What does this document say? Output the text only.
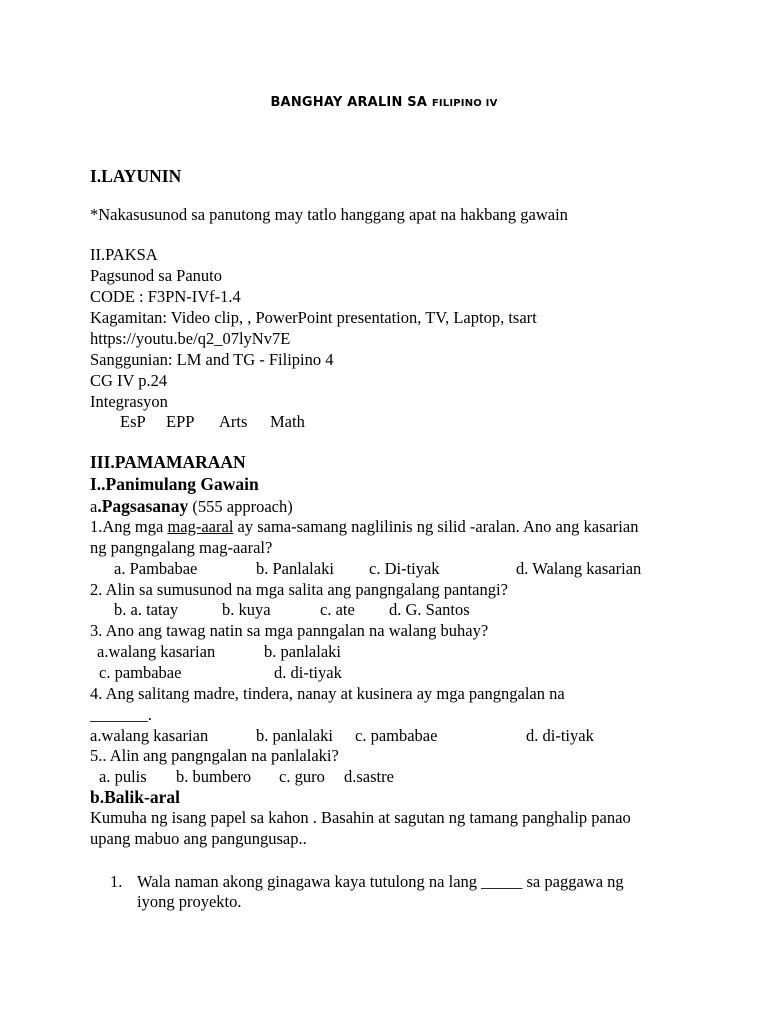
BANGHAY ARALIN SA FILIPINO IV
I.LAYUNIN
*Nakasusunod sa panutong may tatlo hanggang apat na hakbang gawain
II.PAKSA
Pagsunod sa Panuto
CODE : F3PN-IVf-1.4
Kagamitan: Video clip, , PowerPoint presentation, TV, Laptop, tsart
https://youtu.be/q2_07lyNv7E
Sanggunian: LM and TG - Filipino 4
CG IV p.24
Integrasyon
EsP EPP Arts Math
III.PAMAMARAAN
I..Panimulang Gawain
a.Pagsasanay (555 approach)
1.Ang mga mag-aaral ay sama-samang naglilinis ng silid -aralan. Ano ang kasarian
ng pangngalang mag-aaral?
a. Pambabae	b. Panlalaki c. Di-tiyak	d. Walang kasarian
2. Alin sa sumusunod na mga salita ang pangngalang pantangi?
b. a. tatay	b. kuya	c. ate d. G. Santos
3. Ano ang tawag natin sa mga panngalan na walang buhay?
a.walang kasarian	b. panlalaki
c. pambabae	d. di-tiyak
4. Ang salitang madre, tindera, nanay at kusinera ay mga pangngalan na
_______.
a.walang kasarian	b. panlalaki c. pambabae	d. di-tiyak
5.. Alin ang pangngalan na panlalaki?
a. pulis b. bumbero c. guro d.sastre
b.Balik-aral
Kumuha ng isang papel sa kahon . Basahin at sagutan ng tamang panghalip panao
upang mabuo ang pangungusap..
1. Wala naman akong ginagawa kaya tutulong na lang _____ sa paggawa ng
iyong proyekto.
